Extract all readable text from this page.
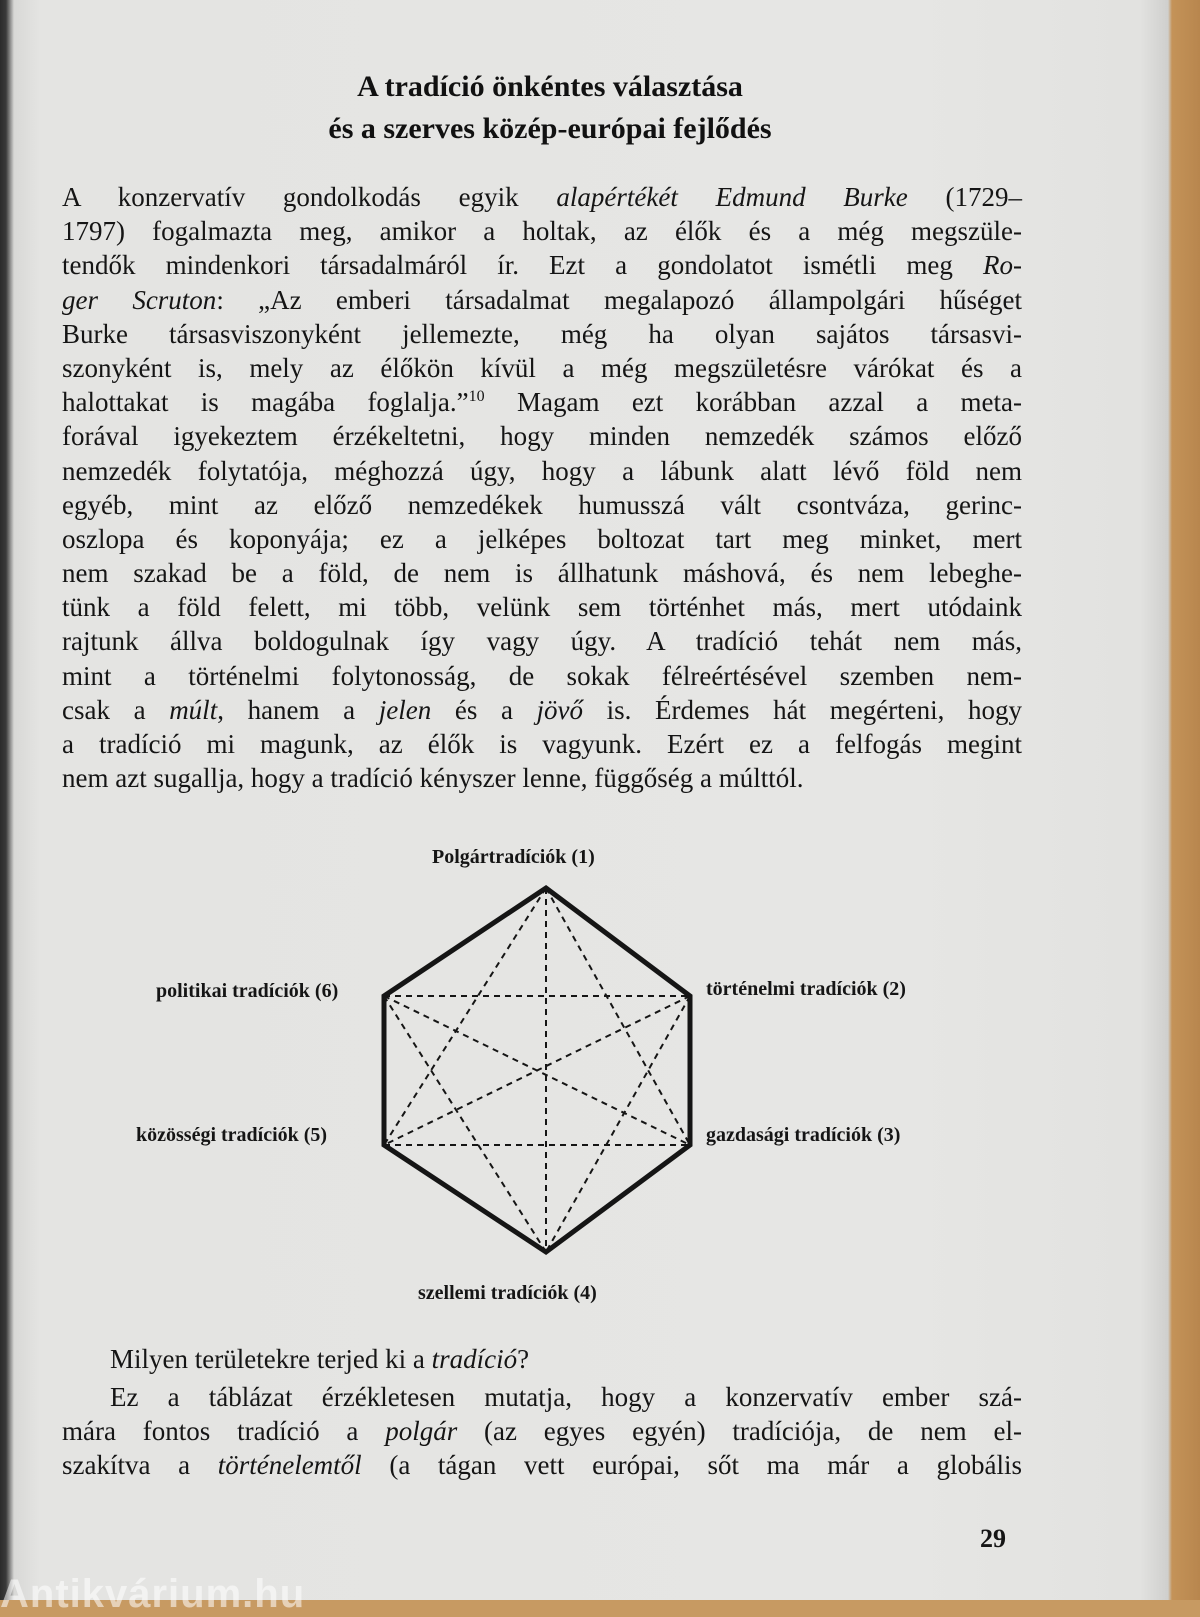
A tradíció önkéntes választása
és a szerves közép-európai fejlődés
A konzervatív gondolkodás egyik alapértékét Edmund Burke (1729–
1797) fogalmazta meg, amikor a holtak, az élők és a még megszüle-
tendők mindenkori társadalmáról ír. Ezt a gondolatot ismétli meg Ro-
ger Scruton: „Az emberi társadalmat megalapozó állampolgári hűséget
Burke társasviszonyként jellemezte, még ha olyan sajátos társasvi-
szonyként is, mely az élőkön kívül a még megszületésre várókat és a
halottakat is magába foglalja.”$^{10}$ Magam ezt korábban azzal a meta-
forával igyekeztem érzékeltetni, hogy minden nemzedék számos előző
nemzedék folytatója, méghozzá úgy, hogy a lábunk alatt lévő föld nem
egyéb, mint az előző nemzedékek humusszá vált csontváza, gerinc-
oszlopa és koponyája; ez a jelképes boltozat tart meg minket, mert
nem szakad be a föld, de nem is állhatunk máshová, és nem lebeghe-
tünk a föld felett, mi több, velünk sem történhet más, mert utódaink
rajtunk állva boldogulnak így vagy úgy. A tradíció tehát nem más,
mint a történelmi folytonosság, de sokak félreértésével szemben nem-
csak a múlt, hanem a jelen és a jövő is. Érdemes hát megérteni, hogy
a tradíció mi magunk, az élők is vagyunk. Ezért ez a felfogás megint
nem azt sugallja, hogy a tradíció kényszer lenne, függőség a múlttól.
Polgártradíciók (1)
történelmi tradíciók (2)
gazdasági tradíciók (3)
szellemi tradíciók (4)
közösségi tradíciók (5)
politikai tradíciók (6)
Milyen területekre terjed ki a tradíció?
Ez a táblázat érzékletesen mutatja, hogy a konzervatív ember szá-
mára fontos tradíció a polgár (az egyes egyén) tradíciója, de nem el-
szakítva a történelemtől (a tágan vett európai, sőt ma már a globális
29
Antikvárium.hu
